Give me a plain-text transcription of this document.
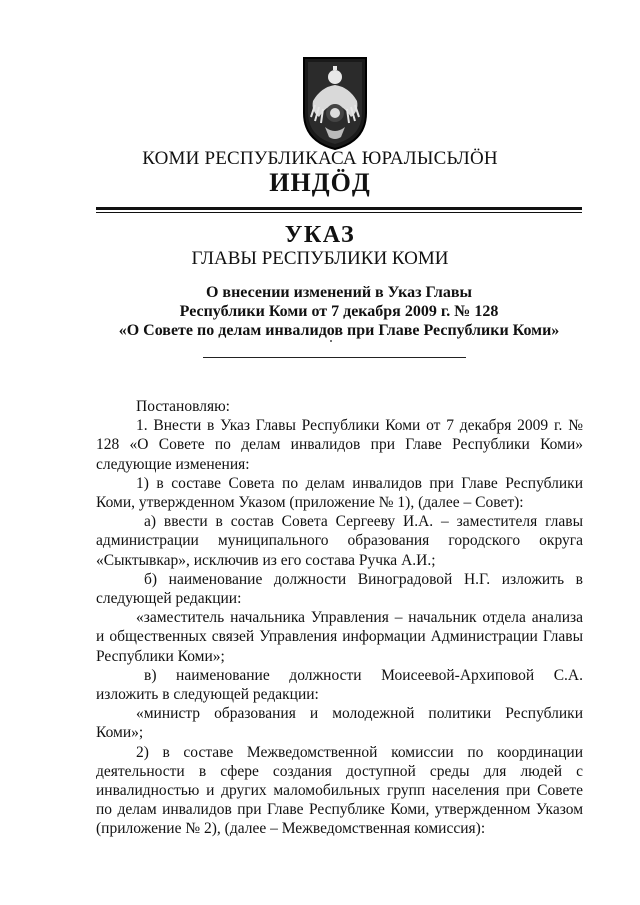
КОМИ РЕСПУБЛИКАСА ЮРАЛЫСЬЛÖН
ИНДÖД
УКАЗ
ГЛАВЫ РЕСПУБЛИКИ КОМИ
О внесении изменений в Указ Главы
Республики Коми от 7 декабря 2009 г. № 128
«О Совете по делам инвалидов при Главе Республики Коми»

Постановляю:

1. Внести в Указ Главы Республики Коми от 7 декабря 2009 г. № 128 «О Совете по делам инвалидов при Главе Республики Коми» следующие изменения:

1) в составе Совета по делам инвалидов при Главе Республики Коми, утвержденном Указом (приложение № 1), (далее – Совет):

а) ввести в состав Совета Сергееву И.А. – заместителя главы администрации муниципального образования городского округа «Сыктывкар», исключив из его состава Ручка А.И.;

б) наименование должности Виноградовой Н.Г. изложить в следующей редакции:

«заместитель начальника Управления – начальник отдела анализа и общественных связей Управления информации Администрации Главы Республики Коми»;

в) наименование должности Моисеевой-Архиповой С.А. изложить в следующей редакции:

«министр образования и молодежной политики Республики Коми»;

2) в составе Межведомственной комиссии по координации деятельности в сфере создания доступной среды для людей с инвалидностью и других маломобильных групп населения при Совете по делам инвалидов при Главе Республике Коми, утвержденном Указом (приложение № 2), (далее – Межведомственная комиссия):
